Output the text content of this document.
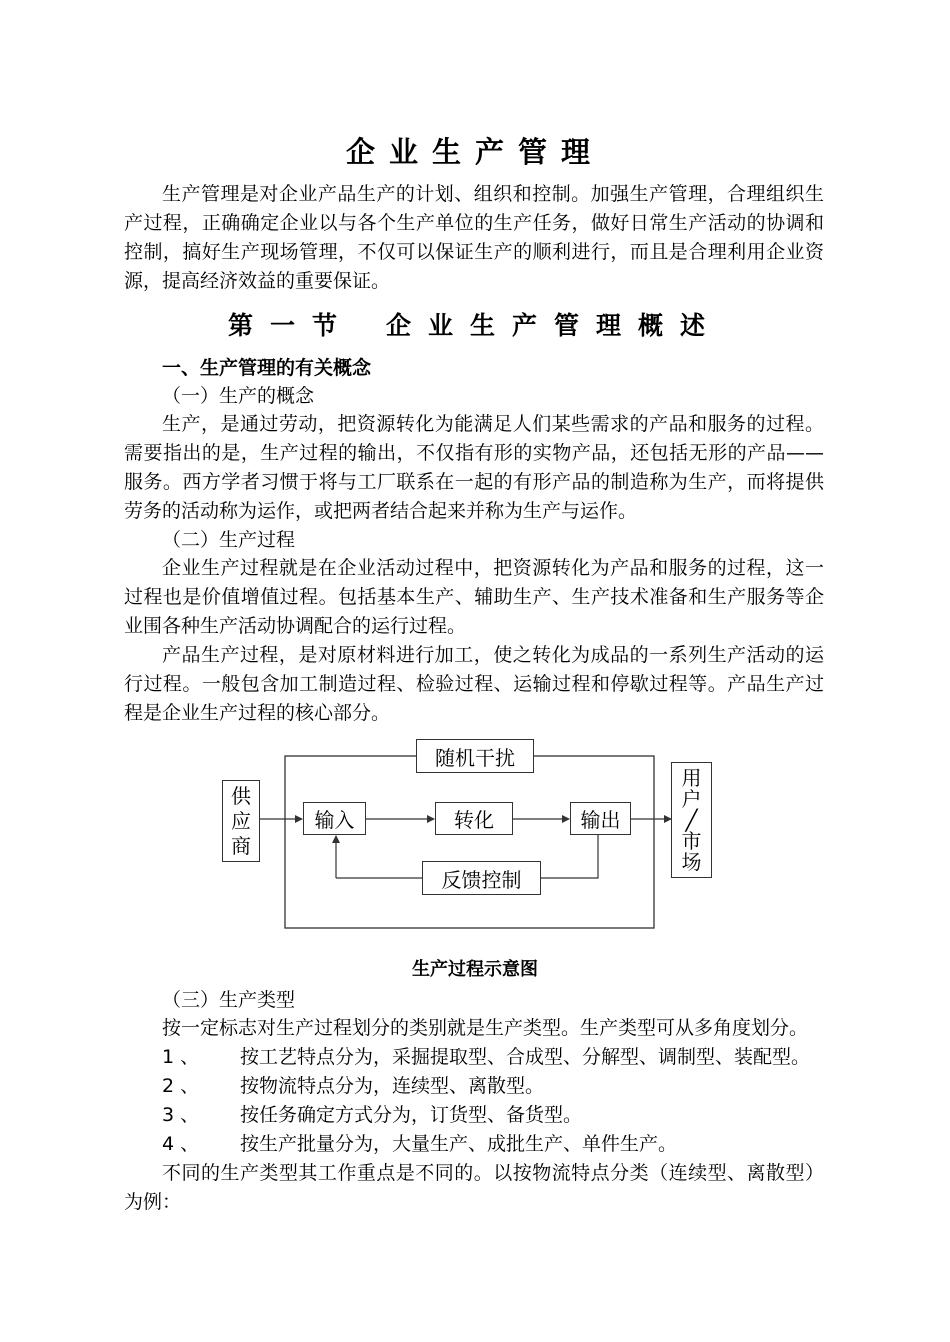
企业生产管理

生产管理是对企业产品生产的计划、组织和控制。加强生产管理，合理组织生产过程，正确确定企业以与各个生产单位的生产任务，做好日常生产活动的协调和控制，搞好生产现场管理，不仅可以保证生产的顺利进行，而且是合理利用企业资源，提高经济效益的重要保证。

第一节 企业生产管理概述
一、生产管理的有关概念
（一）生产的概念

生产，是通过劳动，把资源转化为能满足人们某些需求的产品和服务的过程。需要指出的是，生产过程的输出，不仅指有形的实物产品，还包括无形的产品——服务。西方学者习惯于将与工厂联系在一起的有形产品的制造称为生产，而将提供劳务的活动称为运作，或把两者结合起来并称为生产与运作。

（二）生产过程

企业生产过程就是在企业活动过程中，把资源转化为产品和服务的过程，这一过程也是价值增值过程。包括基本生产、辅助生产、生产技术准备和生产服务等企业围各种生产活动协调配合的运行过程。

产品生产过程，是对原材料进行加工，使之转化为成品的一系列生产活动的运行过程。一般包含加工制造过程、检验过程、运输过程和停歇过程等。产品生产过程是企业生产过程的核心部分。

随机干扰
供
应
商
输入	转化	输出
反馈控制
用
户
╱
市
场
生产过程示意图
（三）生产类型
按一定标志对生产过程划分的类别就是生产类型。生产类型可从多角度划分。
1 、 按工艺特点分为，采掘提取型、合成型、分解型、调制型、装配型。
2 、 按物流特点分为，连续型、离散型。
3 、 按任务确定方式分为，订货型、备货型。
4 、 按生产批量分为，大量生产、成批生产、单件生产。

不同的生产类型其工作重点是不同的。以按物流特点分类（连续型、离散型）为例：
